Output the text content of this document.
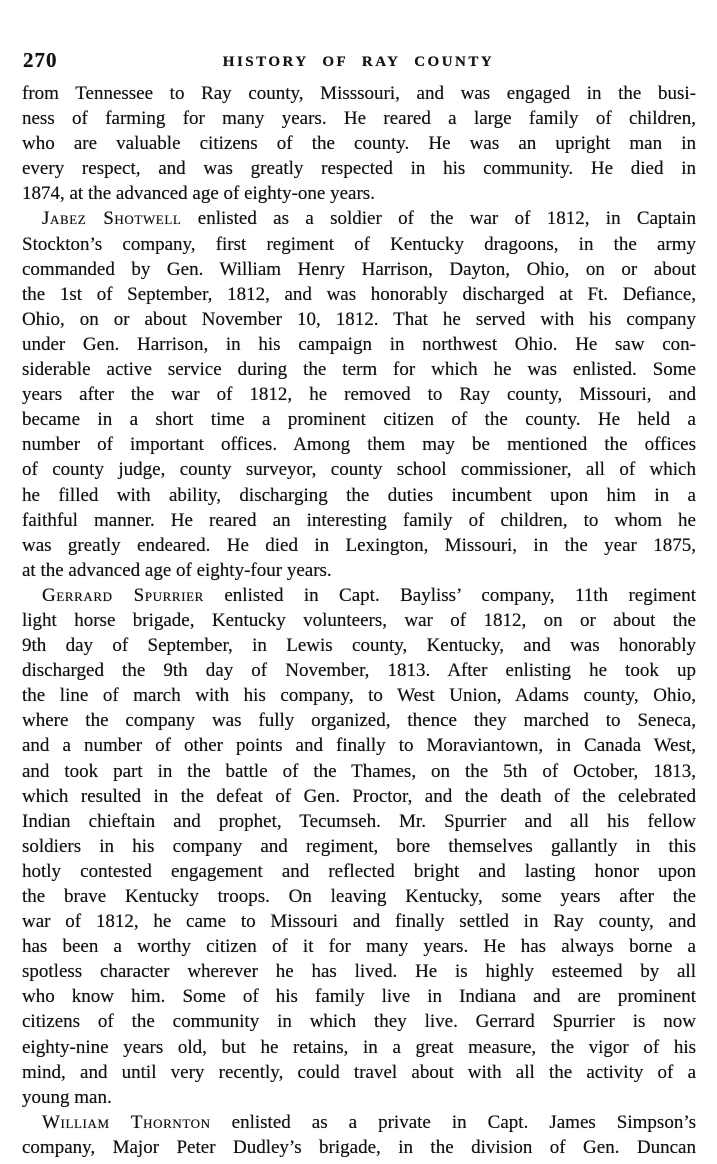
270	HISTORY OF RAY COUNTY
from Tennessee to Ray county, Misssouri, and was engaged in the busi-
ness of farming for many years. He reared a large family of children,
who are valuable citizens of the county. He was an upright man in
every respect, and was greatly respected in his community. He died in
1874, at the advanced age of eighty-one years.
Jabez Shotwell enlisted as a soldier of the war of 1812, in Captain
Stockton’s company, first regiment of Kentucky dragoons, in the army
commanded by Gen. William Henry Harrison, Dayton, Ohio, on or about
the 1st of September, 1812, and was honorably discharged at Ft. Defiance,
Ohio, on or about November 10, 1812. That he served with his company
under Gen. Harrison, in his campaign in northwest Ohio. He saw con-
siderable active service during the term for which he was enlisted. Some
years after the war of 1812, he removed to Ray county, Missouri, and
became in a short time a prominent citizen of the county. He held a
number of important offices. Among them may be mentioned the offices
of county judge, county surveyor, county school commissioner, all of which
he filled with ability, discharging the duties incumbent upon him in a
faithful manner. He reared an interesting family of children, to whom he
was greatly endeared. He died in Lexington, Missouri, in the year 1875,
at the advanced age of eighty-four years.
Gerrard Spurrier enlisted in Capt. Bayliss’ company, 11th regiment
light horse brigade, Kentucky volunteers, war of 1812, on or about the
9th day of September, in Lewis county, Kentucky, and was honorably
discharged the 9th day of November, 1813. After enlisting he took up
the line of march with his company, to West Union, Adams county, Ohio,
where the company was fully organized, thence they marched to Seneca,
and a number of other points and finally to Moraviantown, in Canada West,
and took part in the battle of the Thames, on the 5th of October, 1813,
which resulted in the defeat of Gen. Proctor, and the death of the celebrated
Indian chieftain and prophet, Tecumseh. Mr. Spurrier and all his fellow
soldiers in his company and regiment, bore themselves gallantly in this
hotly contested engagement and reflected bright and lasting honor upon
the brave Kentucky troops. On leaving Kentucky, some years after the
war of 1812, he came to Missouri and finally settled in Ray county, and
has been a worthy citizen of it for many years. He has always borne a
spotless character wherever he has lived. He is highly esteemed by all
who know him. Some of his family live in Indiana and are prominent
citizens of the community in which they live. Gerrard Spurrier is now
eighty-nine years old, but he retains, in a great measure, the vigor of his
mind, and until very recently, could travel about with all the activity of a
young man.
William Thornton enlisted as a private in Capt. James Simpson’s
company, Major Peter Dudley’s brigade, in the division of Gen. Duncan
